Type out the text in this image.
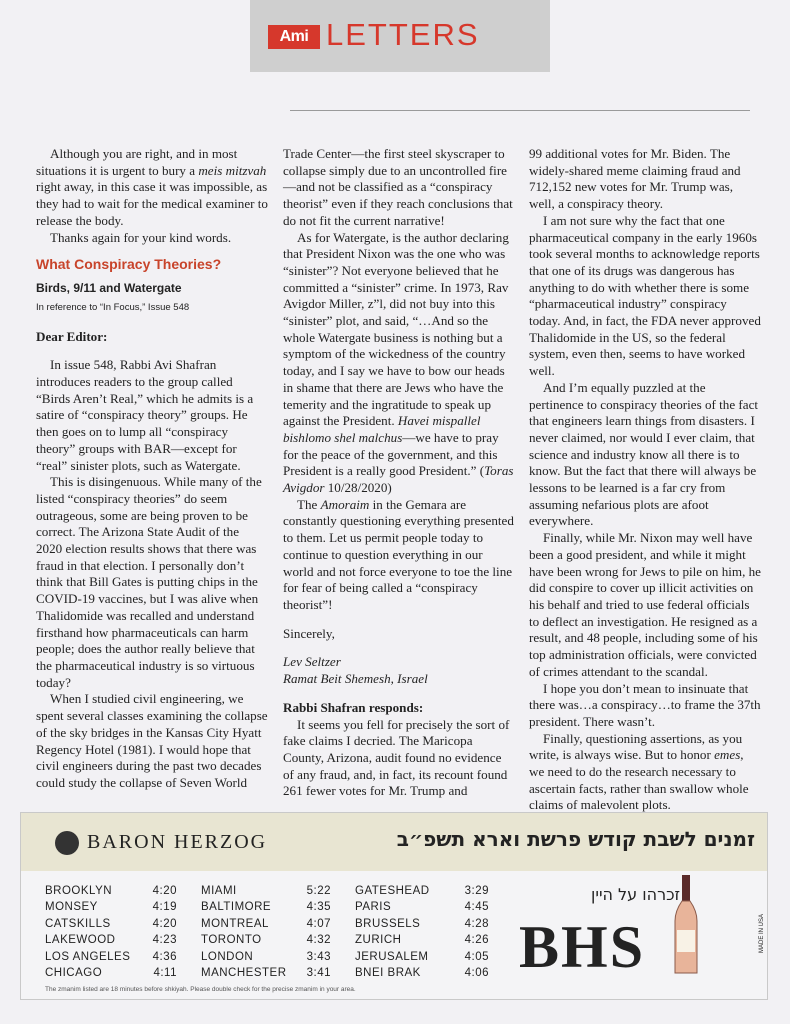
Ami LETTERS

Although you are right, and in most situations it is urgent to bury a meis mitzvah right away, in this case it was impossible, as they had to wait for the medical examiner to release the body.

Thanks again for your kind words.

What Conspiracy Theories?
Birds, 9/11 and Watergate
In reference to “In Focus,” Issue 548

Dear Editor:

In issue 548, Rabbi Avi Shafran introduces readers to the group called “Birds Aren’t Real,” which he admits is a satire of “conspiracy theory” groups. He then goes on to lump all “conspiracy theory” groups with BAR—except for “real” sinister plots, such as Watergate.

This is disingenuous. While many of the listed “conspiracy theories” do seem outrageous, some are being proven to be correct. The Arizona State Audit of the 2020 election results shows that there was fraud in that election. I personally don’t think that Bill Gates is putting chips in the COVID-19 vaccines, but I was alive when Thalidomide was recalled and understand firsthand how pharmaceuticals can harm people; does the author really believe that the pharmaceutical industry is so virtuous today?

When I studied civil engineering, we spent several classes examining the collapse of the sky bridges in the Kansas City Hyatt Regency Hotel (1981). I would hope that civil engineers during the past two decades could study the collapse of Seven World

Trade Center—the first steel skyscraper to collapse simply due to an uncontrolled fire—and not be classified as a “conspiracy theorist” even if they reach conclusions that do not fit the current narrative!

As for Watergate, is the author declaring that President Nixon was the one who was “sinister”? Not everyone believed that he committed a “sinister” crime. In 1973, Rav Avigdor Miller, z”l, did not buy into this “sinister” plot, and said, “…And so the whole Watergate business is nothing but a symptom of the wickedness of the country today, and I say we have to bow our heads in shame that there are Jews who have the temerity and the ingratitude to speak up against the President. Havei mispallel bishlomo shel malchus—we have to pray for the peace of the government, and this President is a really good President.” (Toras Avigdor 10/28/2020)

The Amoraim in the Gemara are constantly questioning everything presented to them. Let us permit people today to continue to question everything in our world and not force everyone to toe the line for fear of being called a “conspiracy theorist”!

Sincerely,

Lev Seltzer

Ramat Beit Shemesh, Israel

Rabbi Shafran responds:

It seems you fell for precisely the sort of fake claims I decried. The Maricopa County, Arizona, audit found no evidence of any fraud, and, in fact, its recount found 261 fewer votes for Mr. Trump and

99 additional votes for Mr. Biden. The widely-shared meme claiming fraud and 712,152 new votes for Mr. Trump was, well, a conspiracy theory.

I am not sure why the fact that one pharmaceutical company in the early 1960s took several months to acknowledge reports that one of its drugs was dangerous has anything to do with whether there is some “pharmaceutical industry” conspiracy today. And, in fact, the FDA never approved Thalidomide in the US, so the federal system, even then, seems to have worked well.

And I’m equally puzzled at the pertinence to conspiracy theories of the fact that engineers learn things from disasters. I never claimed, nor would I ever claim, that science and industry know all there is to know. But the fact that there will always be lessons to be learned is a far cry from assuming nefarious plots are afoot everywhere.

Finally, while Mr. Nixon may well have been a good president, and while it might have been wrong for Jews to pile on him, he did conspire to cover up illicit activities on his behalf and tried to use federal officials to deflect an investigation. He resigned as a result, and 48 people, including some of his top administration officials, were convicted of crimes attendant to the scandal.

I hope you don’t mean to insinuate that there was…a conspiracy…to frame the 37th president. There wasn’t.

Finally, questioning assertions, as you write, is always wise. But to honor emes, we need to do the research necessary to ascertain facts, rather than swallow whole claims of malevolent plots.

BARON HERZOG	זמנים לשבת קודש פרשת וארא תשפ״ב
BROOKLYN	4:20
MONSEY	4:19
CATSKILLS	4:20
LAKEWOOD	4:23
LOS ANGELES 4:36
CHICAGO	4:11
MIAMI	5:22
BALTIMORE	4:35
MONTREAL	4:07
TORONTO	4:32
LONDON	3:43
MANCHESTER 3:41
GATESHEAD	3:29
PARIS	4:45
BRUSSELS	4:28
ZURICH	4:26
JERUSALEM	4:05
BNEI BRAK	4:06
זכרהו על היין
BHS	MADE IN USA
The zmanim listed are 18 minutes before shkiyah. Please double check for the precise zmanim in your area.
